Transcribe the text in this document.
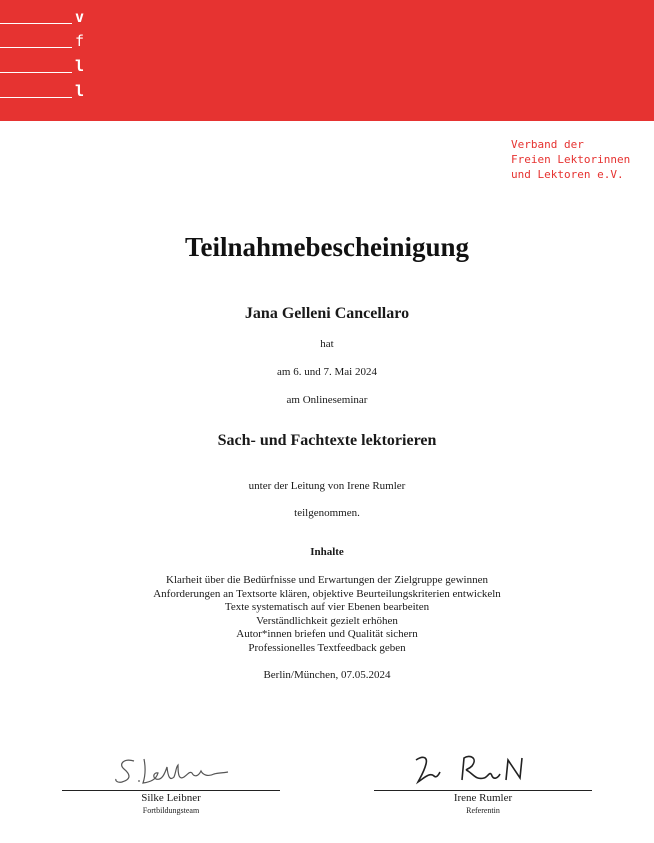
v
f
l
l
Verband der
Freien Lektorinnen
und Lektoren e.V.
Teilnahmebescheinigung
Jana Gelleni Cancellaro
hat
am 6. und 7. Mai 2024
am Onlineseminar
Sach- und Fachtexte lektorieren
unter der Leitung von Irene Rumler
teilgenommen.
Inhalte
Klarheit über die Bedürfnisse und Erwartungen der Zielgruppe gewinnen
Anforderungen an Textsorte klären, objektive Beurteilungskriterien entwickeln
Texte systematisch auf vier Ebenen bearbeiten
Verständlichkeit gezielt erhöhen
Autor*innen briefen und Qualität sichern
Professionelles Textfeedback geben
Berlin/München, 07.05.2024
Silke Leibner
Fortbildungsteam
Irene Rumler
Referentin
